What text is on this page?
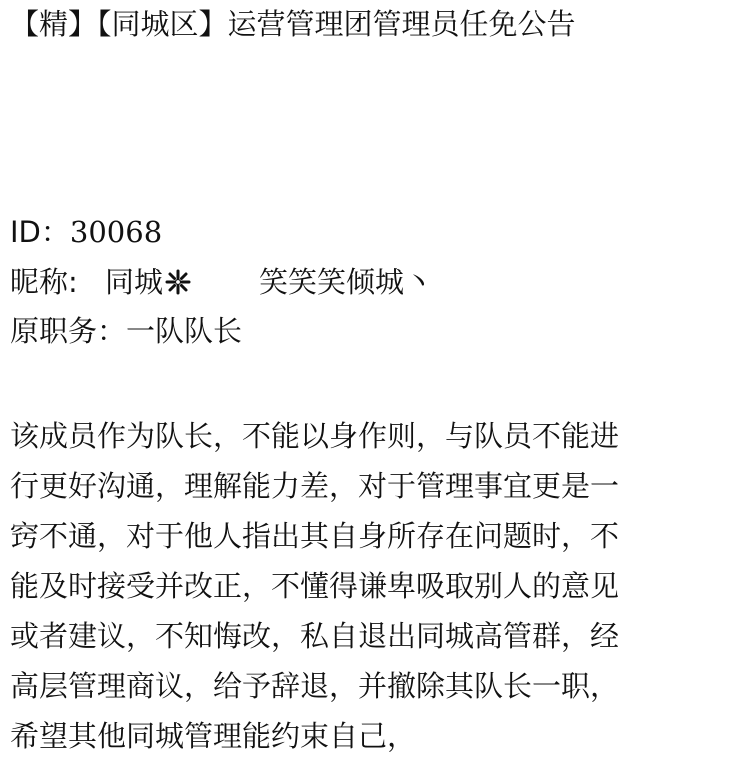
【精】【同城区】运营管理团管理员任免公告
ID：30068
昵称: 同城	笑笑笑倾城丶
原职务：一队队长
该成员作为队长，不能以身作则，与队员不能进
行更好沟通，理解能力差，对于管理事宜更是一
窍不通，对于他人指出其自身所存在问题时，不
能及时接受并改正，不懂得谦卑吸取别人的意见
或者建议，不知悔改，私自退出同城高管群，经
高层管理商议，给予辞退，并撤除其队长一职，
希望其他同城管理能约束自己，
